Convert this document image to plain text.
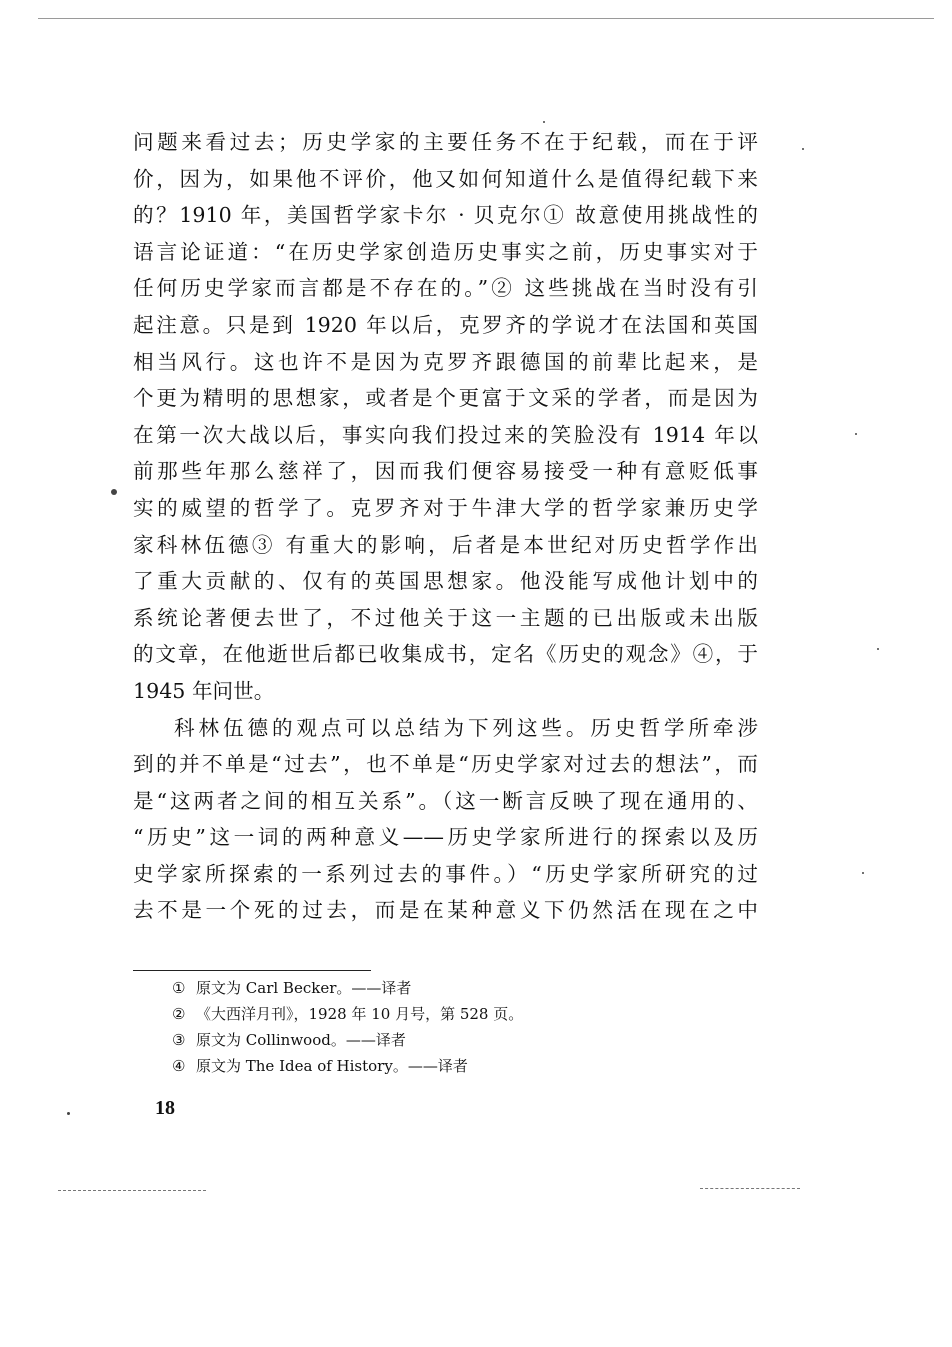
问题来看过去；历史学家的主要任务不在于纪载，而在于评
价，因为，如果他不评价，他又如何知道什么是值得纪载下来
的？1910 年，美国哲学家卡尔 · 贝克尔① 故意使用挑战性的
语言论证道：“在历史学家创造历史事实之前，历史事实对于
任何历史学家而言都是不存在的。”② 这些挑战在当时没有引
起注意。只是到 1920 年以后，克罗齐的学说才在法国和英国
相当风行。这也许不是因为克罗齐跟德国的前辈比起来，是
个更为精明的思想家，或者是个更富于文采的学者，而是因为
在第一次大战以后，事实向我们投过来的笑脸没有 1914 年以
前那些年那么慈祥了，因而我们便容易接受一种有意贬低事
实的威望的哲学了。克罗齐对于牛津大学的哲学家兼历史学
家科林伍德③ 有重大的影响，后者是本世纪对历史哲学作出
了重大贡献的、仅有的英国思想家。他没能写成他计划中的
系统论著便去世了，不过他关于这一主题的已出版或未出版
的文章，在他逝世后都已收集成书，定名《历史的观念》④，于
1945 年问世。
科林伍德的观点可以总结为下列这些。历史哲学所牵涉
到的并不单是“过去”，也不单是“历史学家对过去的想法”，而
是“这两者之间的相互关系”。（这一断言反映了现在通用的、
“历史”这一词的两种意义——历史学家所进行的探索以及历
史学家所探索的一系列过去的事件。）“历史学家所研究的过
去不是一个死的过去，而是在某种意义下仍然活在现在之中
① 原文为 Carl Becker。——译者
② 《大西洋月刊》，1928 年 10 月号，第 528 页。
③ 原文为 Collinwood。——译者
④ 原文为 The Idea of History。——译者
18
